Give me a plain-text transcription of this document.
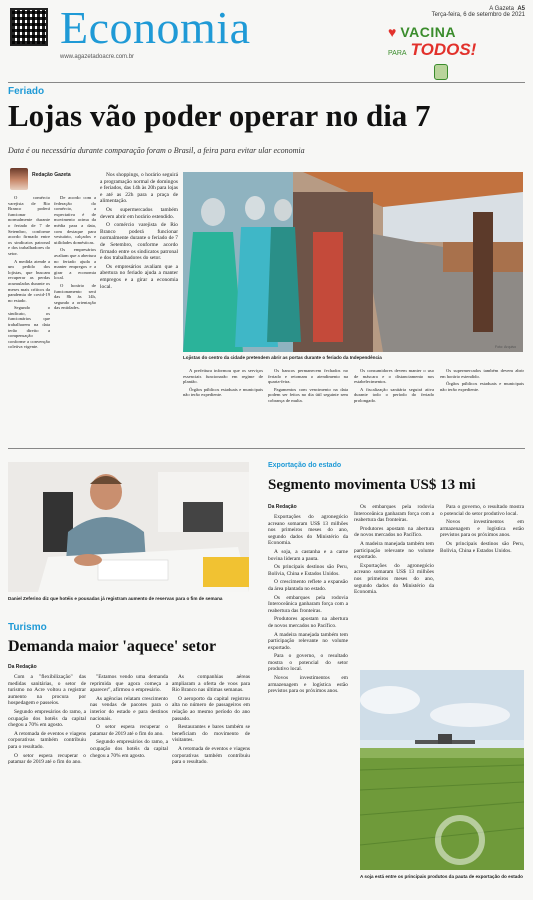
Economia
www.agazetadoacre.com.br
A Gazeta A5
Terça-feira, 6 de setembro de 2021
♥ VACINA
PARA TODOS!
Feriado
Lojas vão poder operar no dia 7
Data é ou necessária durante comparação foram o Brasil, a feira para evitar ular economia
Redação Gazeta

O comércio varejista de Rio Branco poderá funcionar normalmente durante o feriado de 7 de Setembro, conforme acordo firmado entre os sindicatos patronal e dos trabalhadores do setor.

A medida atende a um pedido dos lojistas, que buscam recuperar as perdas acumuladas durante os meses mais críticos da pandemia de covid-19 no estado.

Segundo o sindicato, os funcionários que trabalharem na data terão direito a compensação conforme a convenção coletiva vigente.

De acordo com a federação do comércio, a expectativa é de movimento acima da média para a data, com destaque para vestuário, calçados e utilidades domésticas.

Os empresários avaliam que a abertura no feriado ajuda a manter empregos e a girar a economia local.

O horário de funcionamento será das 8h às 14h, segundo a orientação das entidades.

Nos shoppings, o horário seguirá a programação normal de domingos e feriados, das 14h às 20h para lojas e até as 22h para a praça de alimentação.

Os supermercados também devem abrir em horário estendido.

O comércio varejista de Rio Branco poderá funcionar normalmente durante o feriado de 7 de Setembro, conforme acordo firmado entre os sindicatos patronal e dos trabalhadores do setor.

Os empresários avaliam que a abertura no feriado ajuda a manter empregos e a girar a economia local.

Lojistas do centro da cidade pretendem abrir as portas durante o feriado da Independência
Foto: Arquivo

A prefeitura informou que os serviços essenciais funcionarão em regime de plantão.

Órgãos públicos estaduais e municipais não terão expediente.

Os bancos permanecem fechados no feriado e retomam o atendimento na quarta-feira.

Pagamentos com vencimento na data podem ser feitos no dia útil seguinte sem cobrança de multa.

Os consumidores devem manter o uso de máscara e o distanciamento nos estabelecimentos.

A fiscalização sanitária seguirá ativa durante todo o período do feriado prolongado.

Os supermercados também devem abrir em horário estendido.

Órgãos públicos estaduais e municipais não terão expediente.

Daniel Zeferino diz que hotéis e pousadas já registram aumento de reservas para o fim de semana
Turismo
Demanda maior 'aquece' setor
Da Redação

Com a "flexibilização" das medidas sanitárias, o setor de turismo no Acre voltou a registrar aumento na procura por hospedagem e passeios.

Segundo empresários do ramo, a ocupação dos hotéis da capital chegou a 70% em agosto.

A retomada de eventos e viagens corporativas também contribuiu para o resultado.

O setor espera recuperar o patamar de 2019 até o fim do ano.

"Estamos vendo uma demanda reprimida que agora começa a aparecer", afirmou o empresário.

As agências relatam crescimento nas vendas de pacotes para o interior do estado e para destinos nacionais.

O setor espera recuperar o patamar de 2019 até o fim do ano.

Segundo empresários do ramo, a ocupação dos hotéis da capital chegou a 70% em agosto.

As companhias aéreas ampliaram a oferta de voos para Rio Branco nas últimas semanas.

O aeroporto da capital registrou alta no número de passageiros em relação ao mesmo período do ano passado.

Restaurantes e bares também se beneficiam do movimento de visitantes.

A retomada de eventos e viagens corporativas também contribuiu para o resultado.

Exportação do estado
Segmento movimenta US$ 13 mi
Da Redação

Exportações do agronegócio acreano somaram US$ 13 milhões nos primeiros meses do ano, segundo dados do Ministério da Economia.

A soja, a castanha e a carne bovina lideram a pauta.

Os principais destinos são Peru, Bolívia, China e Estados Unidos.

O crescimento reflete a expansão da área plantada no estado.

Os embarques pela rodovia Interoceânica ganharam força com a reabertura das fronteiras.

Produtores apostam na abertura de novos mercados no Pacífico.

A madeira manejada também tem participação relevante no volume exportado.

Para o governo, o resultado mostra o potencial do setor produtivo local.

Novos investimentos em armazenagem e logística estão previstos para os próximos anos.

Os embarques pela rodovia Interoceânica ganharam força com a reabertura das fronteiras.

Produtores apostam na abertura de novos mercados no Pacífico.

A madeira manejada também tem participação relevante no volume exportado.

Exportações do agronegócio acreano somaram US$ 13 milhões nos primeiros meses do ano, segundo dados do Ministério da Economia.

Para o governo, o resultado mostra o potencial do setor produtivo local.

Novos investimentos em armazenagem e logística estão previstos para os próximos anos.

Os principais destinos são Peru, Bolívia, China e Estados Unidos.

A soja está entre os principais produtos da pauta de exportação do estado
